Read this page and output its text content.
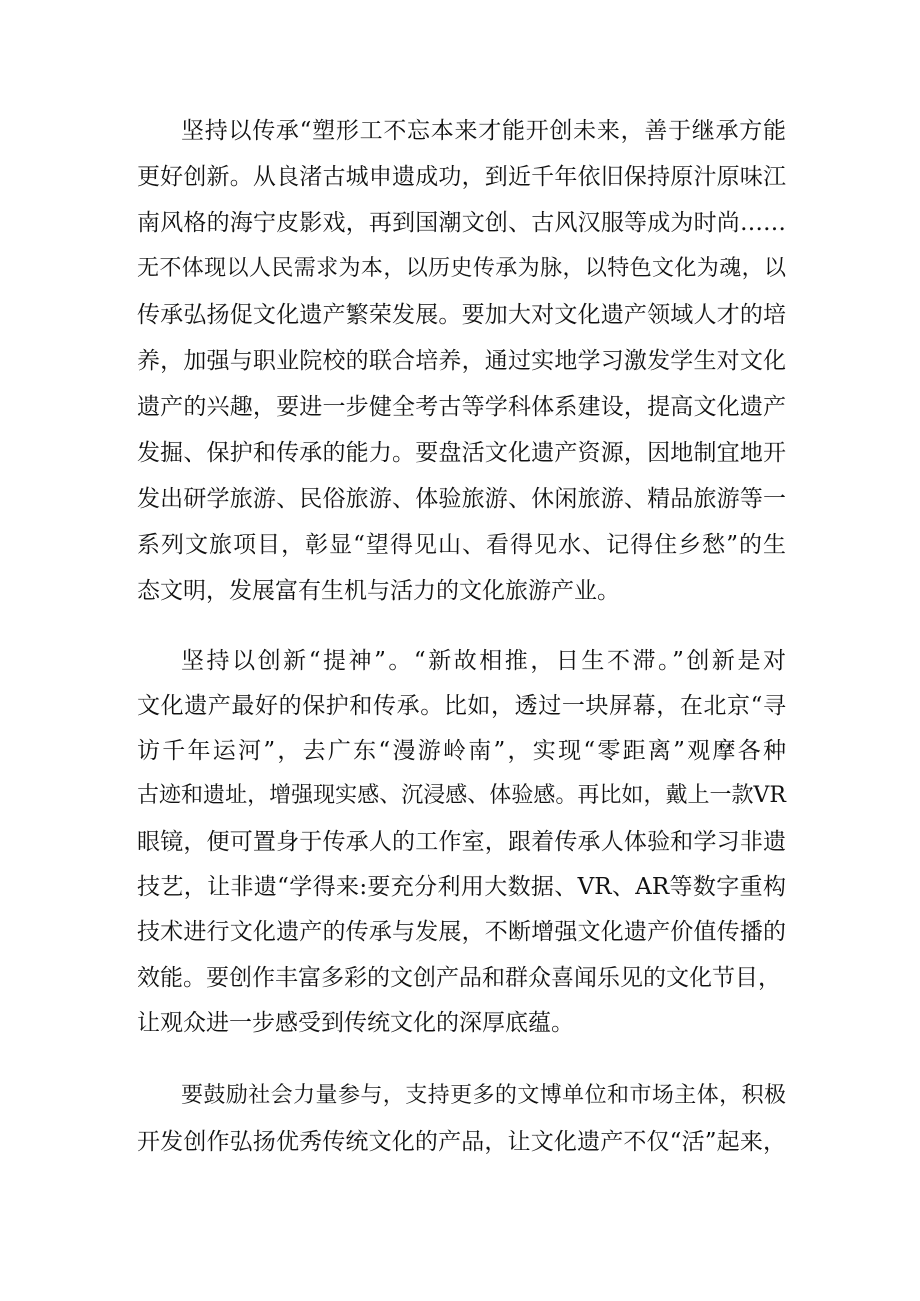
坚持以传承“塑形工不忘本来才能开创未来，善于继承方能
更好创新。从良渚古城申遗成功，到近千年依旧保持原汁原味江
南风格的海宁皮影戏，再到国潮文创、古风汉服等成为时尚……
无不体现以人民需求为本，以历史传承为脉，以特色文化为魂，以
传承弘扬促文化遗产繁荣发展。要加大对文化遗产领域人才的培
养，加强与职业院校的联合培养，通过实地学习激发学生对文化
遗产的兴趣，要进一步健全考古等学科体系建设，提高文化遗产
发掘、保护和传承的能力。要盘活文化遗产资源，因地制宜地开
发出研学旅游、民俗旅游、体验旅游、休闲旅游、精品旅游等一
系列文旅项目，彰显“望得见山、看得见水、记得住乡愁”的生
态文明，发展富有生机与活力的文化旅游产业。
坚持以创新“提神”。“新故相推，日生不滞。”创新是对
文化遗产最好的保护和传承。比如，透过一块屏幕，在北京“寻
访千年运河”，去广东“漫游岭南”，实现“零距离”观摩各种
古迹和遗址，增强现实感、沉浸感、体验感。再比如，戴上一款VR
眼镜，便可置身于传承人的工作室，跟着传承人体验和学习非遗
技艺，让非遗“学得来:要充分利用大数据、VR、AR等数字重构
技术进行文化遗产的传承与发展，不断增强文化遗产价值传播的
效能。要创作丰富多彩的文创产品和群众喜闻乐见的文化节目，
让观众进一步感受到传统文化的深厚底蕴。
要鼓励社会力量参与，支持更多的文博单位和市场主体，积极
开发创作弘扬优秀传统文化的产品，让文化遗产不仅“活”起来，
